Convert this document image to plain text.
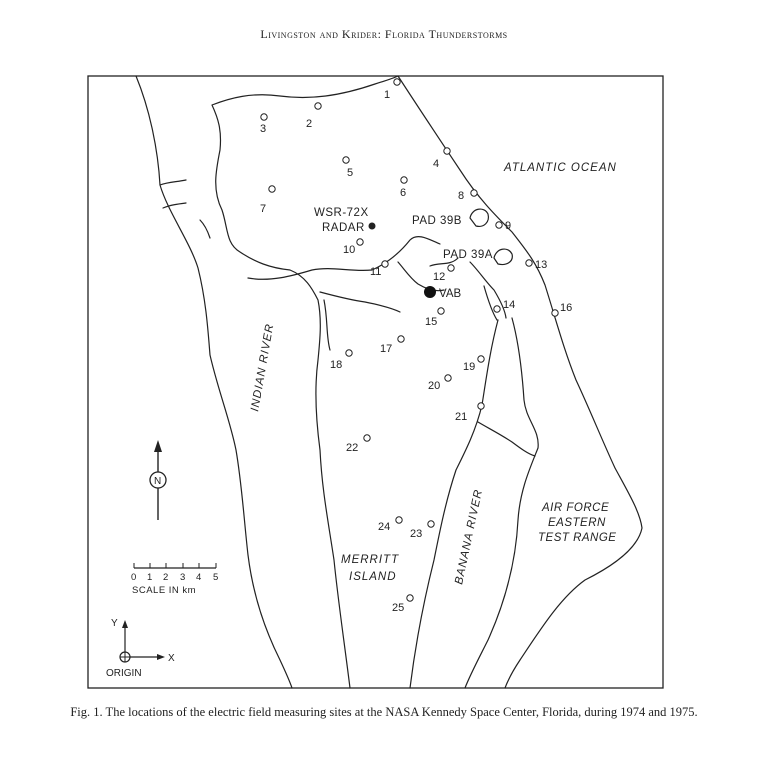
Livingston and Krider: Florida Thunderstorms
1
2
3
4
5
6
7
8
9
10
11	12
13
14
15
16
17
18	19
20
21
22
23
24
25
ATLANTIC OCEAN
WSR-72X
RADAR
PAD 39B
PAD 39A
VAB
INDIAN RIVER
BANANA RIVER
MERRITT
ISLAND
AIR FORCE
EASTERN
TEST RANGE
N
0 1 2 3 4 5
SCALE IN km
Y
X
ORIGIN
Fig. 1. The locations of the electric field measuring sites at the NASA Kennedy Space Center, Florida, during 1974 and 1975.
